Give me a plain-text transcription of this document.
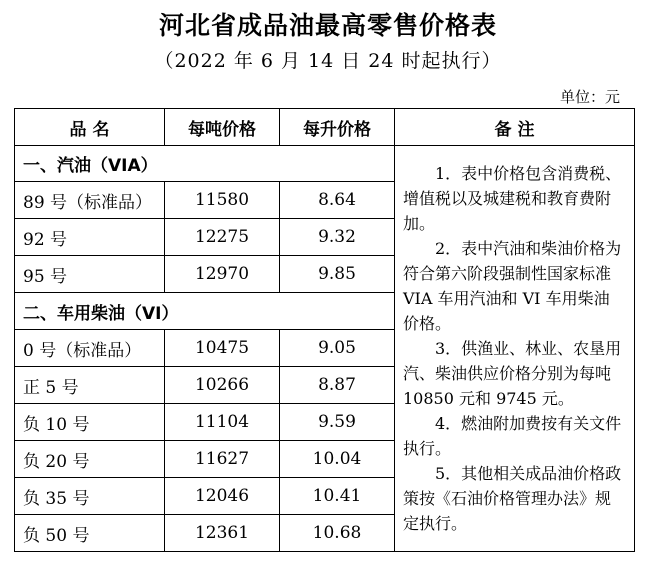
河北省成品油最高零售价格表
（2022 年 6 月 14 日 24 时起执行）
单位：元
品 名	每吨价格	每升价格	备 注
一、汽油（VIA）			1．表中价格包含消费税、增值税以及城建税和教育费附加。

2．表中汽油和柴油价格为符合第六阶段强制性国家标准 VIA 车用汽油和 VI 车用柴油价格。

3．供渔业、林业、农垦用汽、柴油供应价格分别为每吨 10850 元和 9745 元。

4．燃油附加费按有关文件执行。

5．其他相关成品油价格政策按《石油价格管理办法》规定执行。

89 号（标准品）	11580	8.64	
92 号	12275	9.32	
95 号	12970	9.85	
二、车用柴油（VI）			
0 号（标准品）	10475	9.05	
正 5 号	10266	8.87	
负 10 号	11104	9.59	
负 20 号	11627	10.04	
负 35 号	12046	10.41	
负 50 号	12361	10.68	
